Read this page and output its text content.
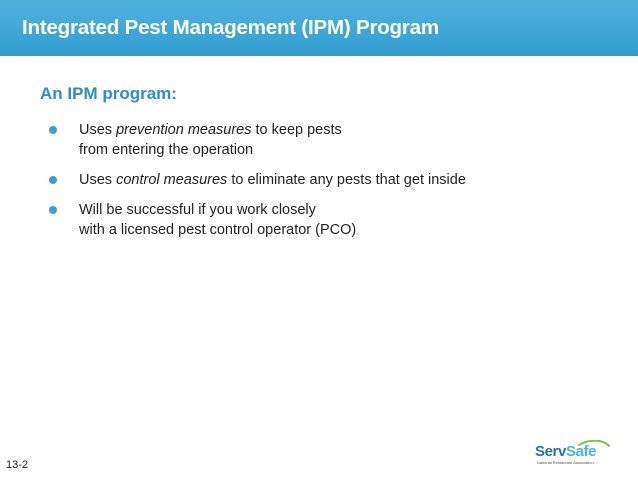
Integrated Pest Management (IPM) Program
An IPM program:
Uses prevention measures to keep pests
from entering the operation
Uses control measures to eliminate any pests that get inside
Will be successful if you work closely
with a licensed pest control operator (PCO)
13-2
ServSafe
National Restaurant Association
